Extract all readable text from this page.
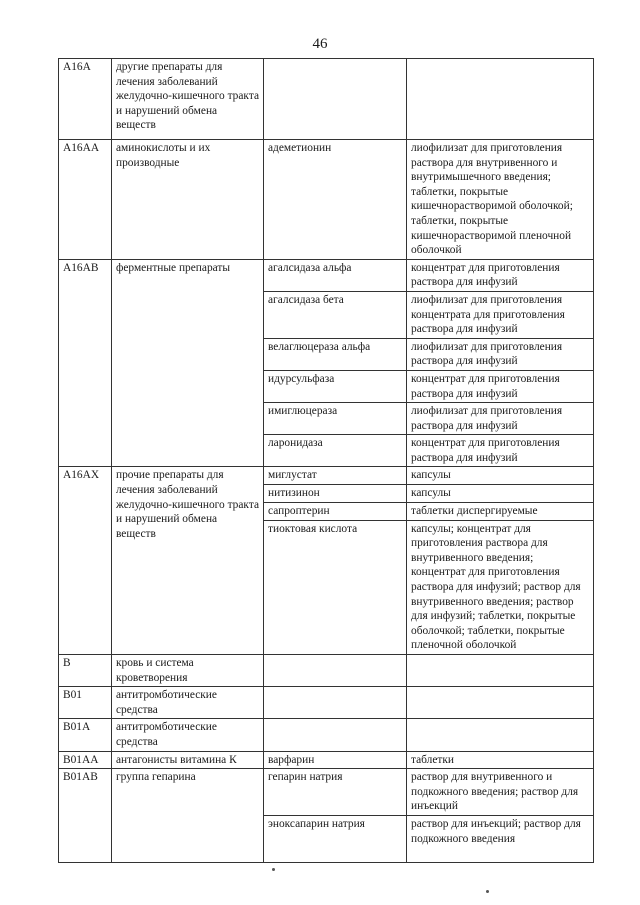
46
A16A	другие препараты для лечения заболеваний желудочно-кишечного тракта и нарушений обмена веществ		
A16AA	аминокислоты и их производные	адеметионин	лиофилизат для приготовления раствора для внутривенного и внутримышечного введения; таблетки, покрытые кишечнорастворимой оболочкой; таблетки, покрытые кишечнорастворимой пленочной оболочкой
A16AB	ферментные препараты	агалсидаза альфа	концентрат для приготовления раствора для инфузий
		агалсидаза бета	лиофилизат для приготовления концентрата для приготовления раствора для инфузий
		велаглюцераза альфа	лиофилизат для приготовления раствора для инфузий
		идурсульфаза	концентрат для приготовления раствора для инфузий
		имиглюцераза	лиофилизат для приготовления раствора для инфузий
		ларонидаза	концентрат для приготовления раствора для инфузий
A16AX	прочие препараты для лечения заболеваний желудочно-кишечного тракта и нарушений обмена веществ	миглустат	капсулы
		нитизинон	капсулы
		сапроптерин	таблетки диспергируемые
		тиоктовая кислота	капсулы; концентрат для приготовления раствора для внутривенного введения; концентрат для приготовления раствора для инфузий; раствор для внутривенного введения; раствор для инфузий; таблетки, покрытые оболочкой; таблетки, покрытые пленочной оболочкой
B	кровь и система кроветворения		
B01	антитромботические средства		
B01A	антитромботические средства		
B01AA	антагонисты витамина К	варфарин	таблетки
B01AB	группа гепарина	гепарин натрия	раствор для внутривенного и подкожного введения; раствор для инъекций
		эноксапарин натрия	раствор для инъекций; раствор для подкожного введения
